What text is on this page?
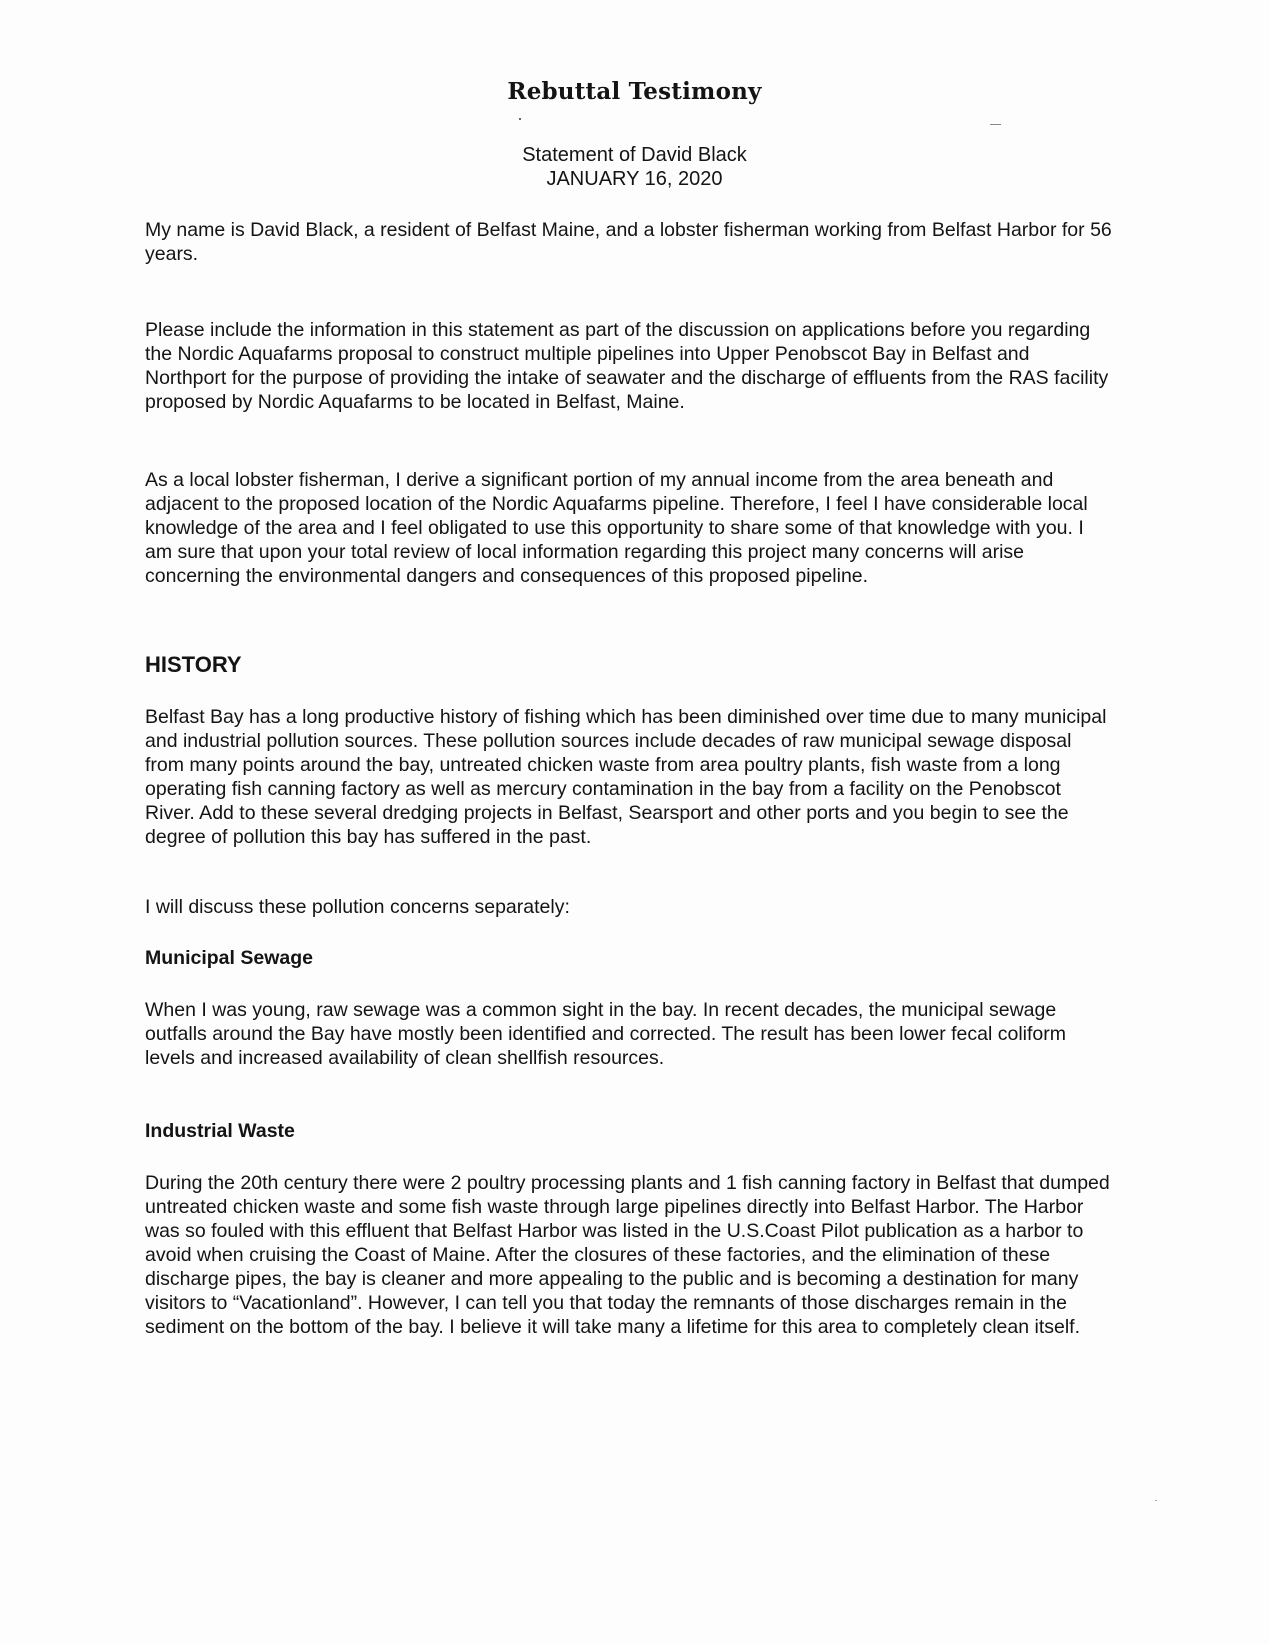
Rebuttal Testimony
Statement of David Black
JANUARY 16, 2020

My name is David Black, a resident of Belfast Maine, and a lobster fisherman working from Belfast Harbor for 56 years.

Please include the information in this statement as part of the discussion on applications before you regarding the Nordic Aquafarms proposal to construct multiple pipelines into Upper Penobscot Bay in Belfast and Northport for the purpose of providing the intake of seawater and the discharge of effluents from the RAS facility proposed by Nordic Aquafarms to be located in Belfast, Maine.

As a local lobster fisherman, I derive a significant portion of my annual income from the area beneath and adjacent to the proposed location of the Nordic Aquafarms pipeline. Therefore, I feel I have considerable local knowledge of the area and I feel obligated to use this opportunity to share some of that knowledge with you. I am sure that upon your total review of local information regarding this project many concerns will arise concerning the environmental dangers and consequences of this proposed pipeline.

HISTORY

Belfast Bay has a long productive history of fishing which has been diminished over time due to many municipal and industrial pollution sources. These pollution sources include decades of raw municipal sewage disposal from many points around the bay, untreated chicken waste from area poultry plants, fish waste from a long operating fish canning factory as well as mercury contamination in the bay from a facility on the Penobscot River. Add to these several dredging projects in Belfast, Searsport and other ports and you begin to see the degree of pollution this bay has suffered in the past.

I will discuss these pollution concerns separately:

Municipal Sewage

When I was young, raw sewage was a common sight in the bay. In recent decades, the municipal sewage outfalls around the Bay have mostly been identified and corrected. The result has been lower fecal coliform levels and increased availability of clean shellfish resources.

Industrial Waste

During the 20th century there were 2 poultry processing plants and 1 fish canning factory in Belfast that dumped untreated chicken waste and some fish waste through large pipelines directly into Belfast Harbor. The Harbor was so fouled with this effluent that Belfast Harbor was listed in the U.S.Coast Pilot publication as a harbor to avoid when cruising the Coast of Maine. After the closures of these factories, and the elimination of these discharge pipes, the bay is cleaner and more appealing to the public and is becoming a destination for many visitors to “Vacationland”. However, I can tell you that today the remnants of those discharges remain in the sediment on the bottom of the bay. I believe it will take many a lifetime for this area to completely clean itself.
